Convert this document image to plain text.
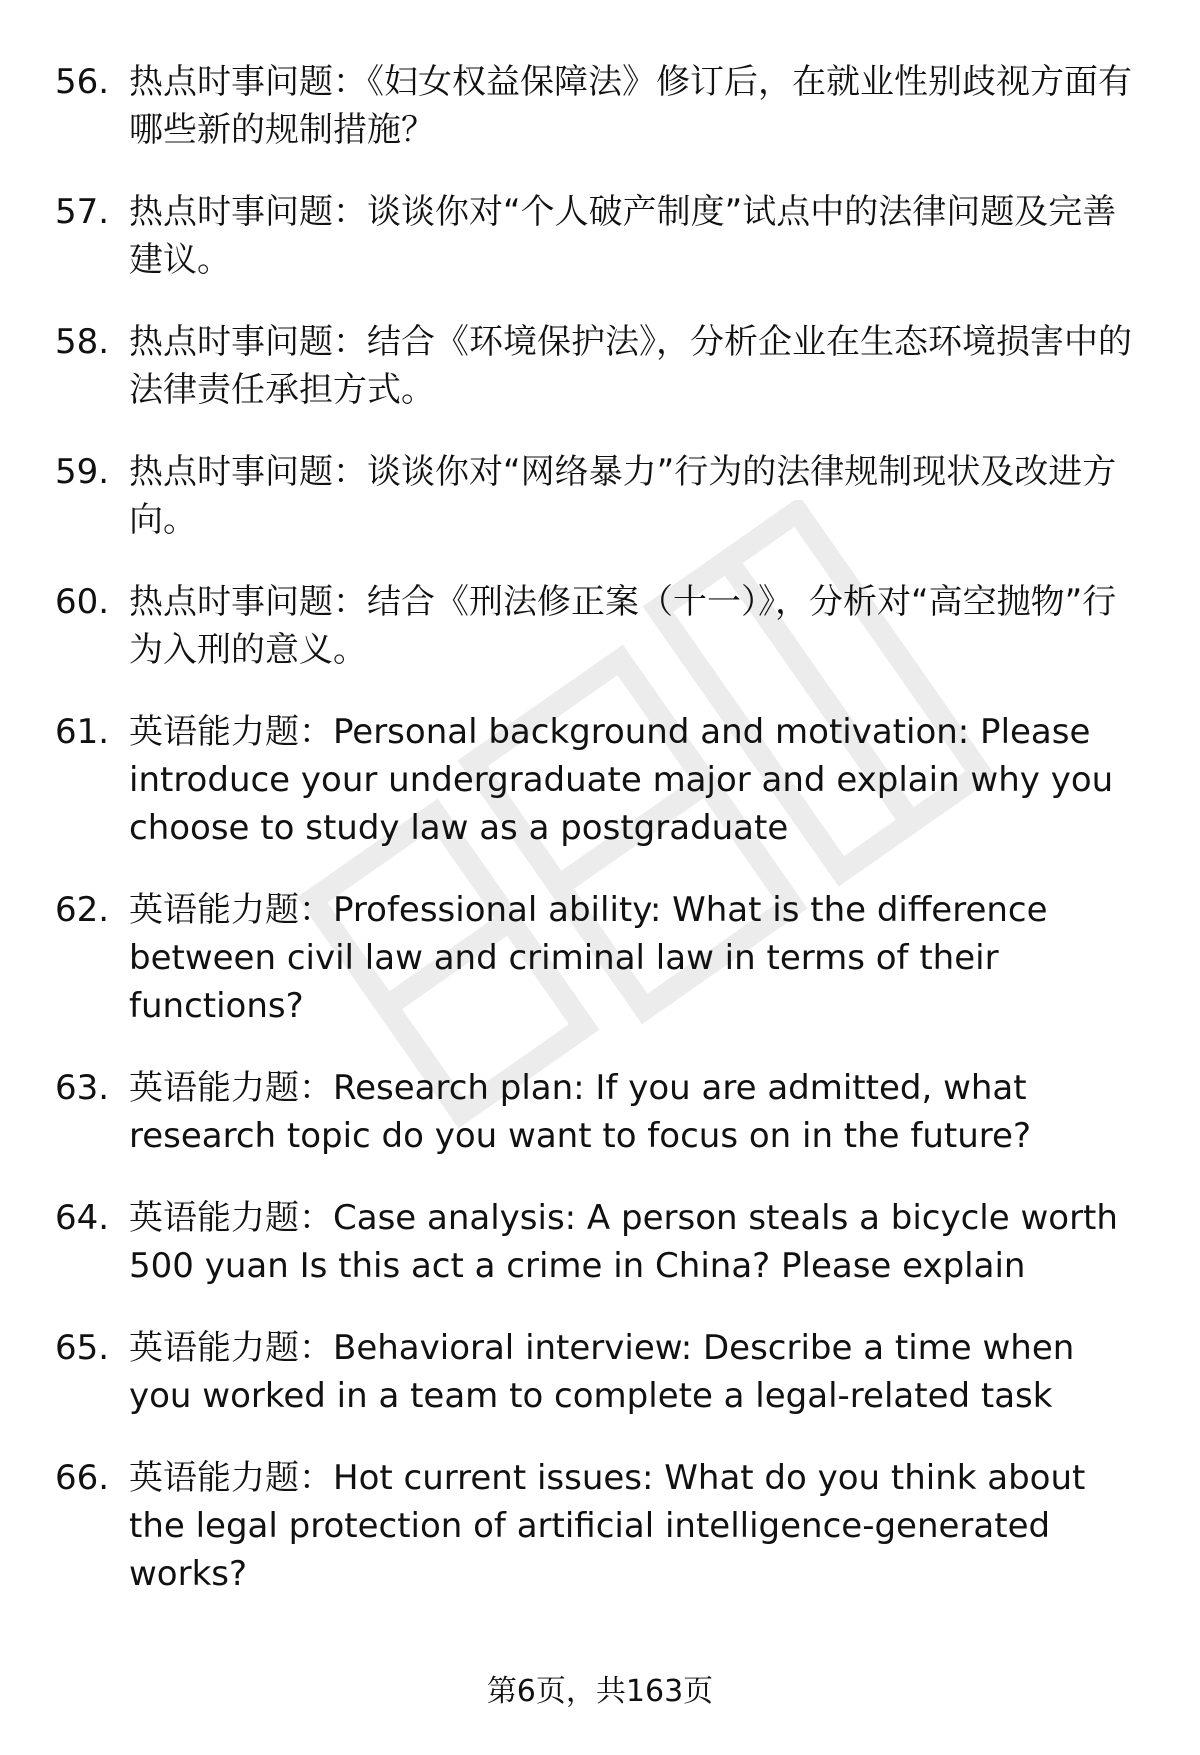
56. 热点时事问题：《妇女权益保障法》修订后，在就业性别歧视方面有哪些新的规制措施？
57. 热点时事问题：谈谈你对“个人破产制度”试点中的法律问题及完善建议。
58. 热点时事问题：结合《环境保护法》，分析企业在生态环境损害中的法律责任承担方式。
59. 热点时事问题：谈谈你对“网络暴力”行为的法律规制现状及改进方向。
60. 热点时事问题：结合《刑法修正案（十一）》，分析对“高空抛物”行为入刑的意义。
61. 英语能力题：Personal background and motivation: Please introduce your undergraduate major and explain why you choose to study law as a postgraduate
62. 英语能力题：Professional ability: What is the difference between civil law and criminal law in terms of their functions?
63. 英语能力题：Research plan: If you are admitted, what research topic do you want to focus on in the future?
64. 英语能力题：Case analysis: A person steals a bicycle worth 500 yuan Is this act a crime in China? Please explain
65. 英语能力题：Behavioral interview: Describe a time when you worked in a team to complete a legal-related task
66. 英语能力题：Hot current issues: What do you think about the legal protection of artificial intelligence-generated works?
第6页，共163页
